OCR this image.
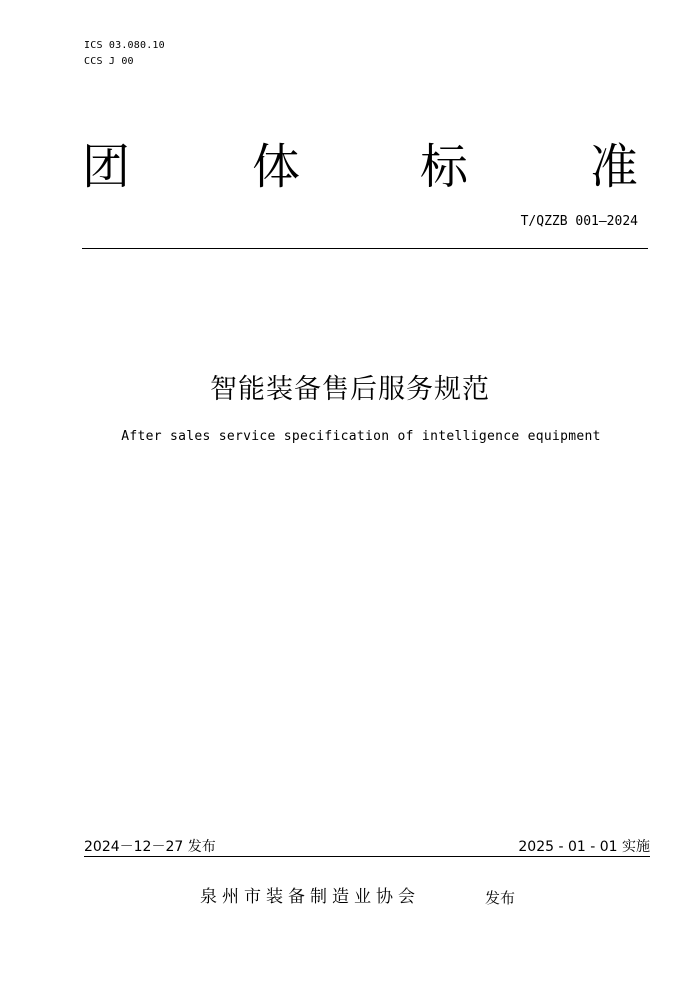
ICS 03.080.10
CCS J 00
团	体 标	准
T/QZZB 001—2024
智能装备售后服务规范
After sales service specification of intelligence equipment
2024－12－27 发布	2025 - 01 - 01 实施
泉州市装备制造业协会	发布
